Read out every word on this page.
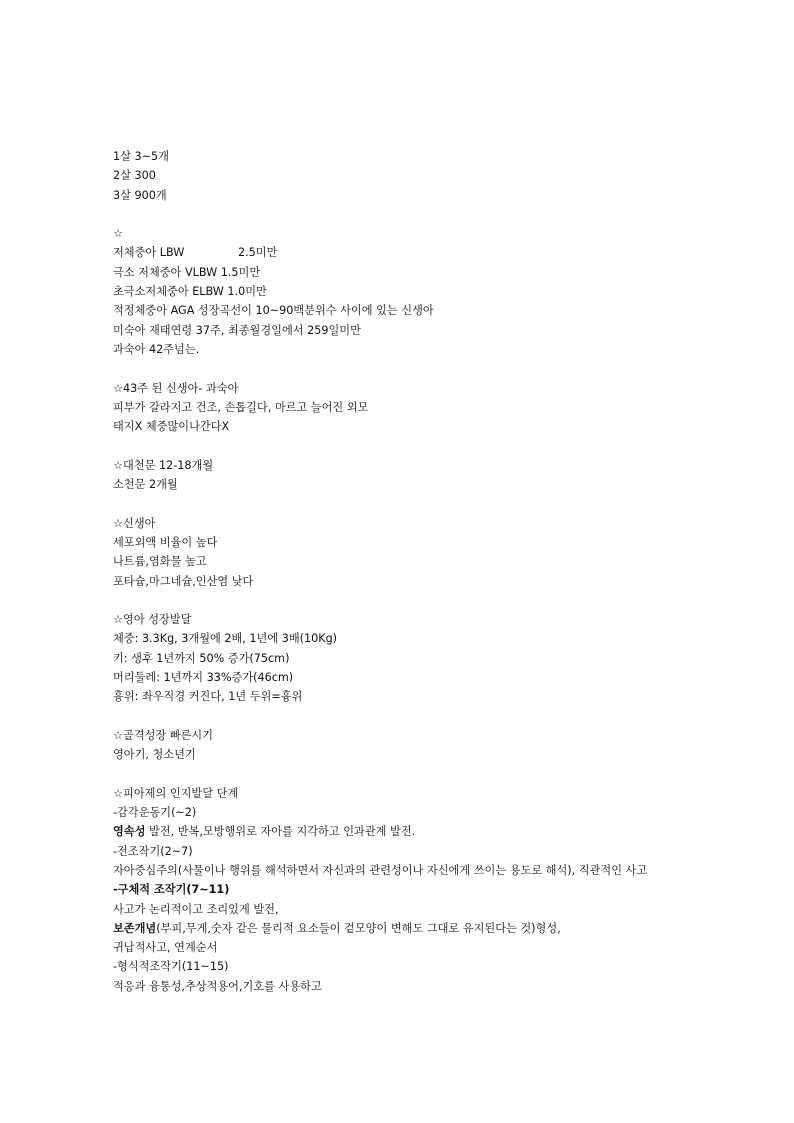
1살 3~5개
2살 300
3살 900개
☆
저체중아 LBW	2.5미만
극소 저체중아 VLBW 1.5미만
초극소저체중아 ELBW 1.0미만
적정체중아 AGA 성장곡선이 10~90백분위수 사이에 있는 신생아
미숙아 재태연령 37주, 최종월경일에서 259일미만
과숙아 42주넘는.
☆43주 된 신생아- 과숙아
피부가 갈라지고 건조, 손톱길다, 마르고 늘어진 외모
태지X 체중많이나간다X
☆대천문 12-18개월
소천문 2개월
☆신생아
세포외액 비율이 높다
나트륨,염화물 높고
포타슘,마그네슘,인산염 낮다
☆영아 성장발달
체중: 3.3Kg, 3개월에 2배, 1년에 3배(10Kg)
키: 생후 1년까지 50% 증가(75cm)
머리둘레: 1년까지 33%증가(46cm)
흉위: 좌우직경 커진다, 1년 두위=흉위
☆골격성장 빠른시기
영아기, 청소년기
☆피아제의 인지발달 단계
-감각운동기(~2)
영속성 발전, 반복,모방행위로 자아를 지각하고 인과관계 발전.
-전조작기(2~7)
자아중심주의(사물이나 행위를 해석하면서 자신과의 관련성이나 자신에게 쓰이는 용도로 해석), 직관적인 사고
-구체적 조작기(7~11)
사고가 논리적이고 조리있게 발전,
보존개념(부피,무게,숫자 같은 물리적 요소들이 겉모양이 변해도 그대로 유지된다는 것)형성,
귀납적사고, 연계순서
-형식적조작기(11~15)
적응과 융통성,추상적용어,기호를 사용하고
